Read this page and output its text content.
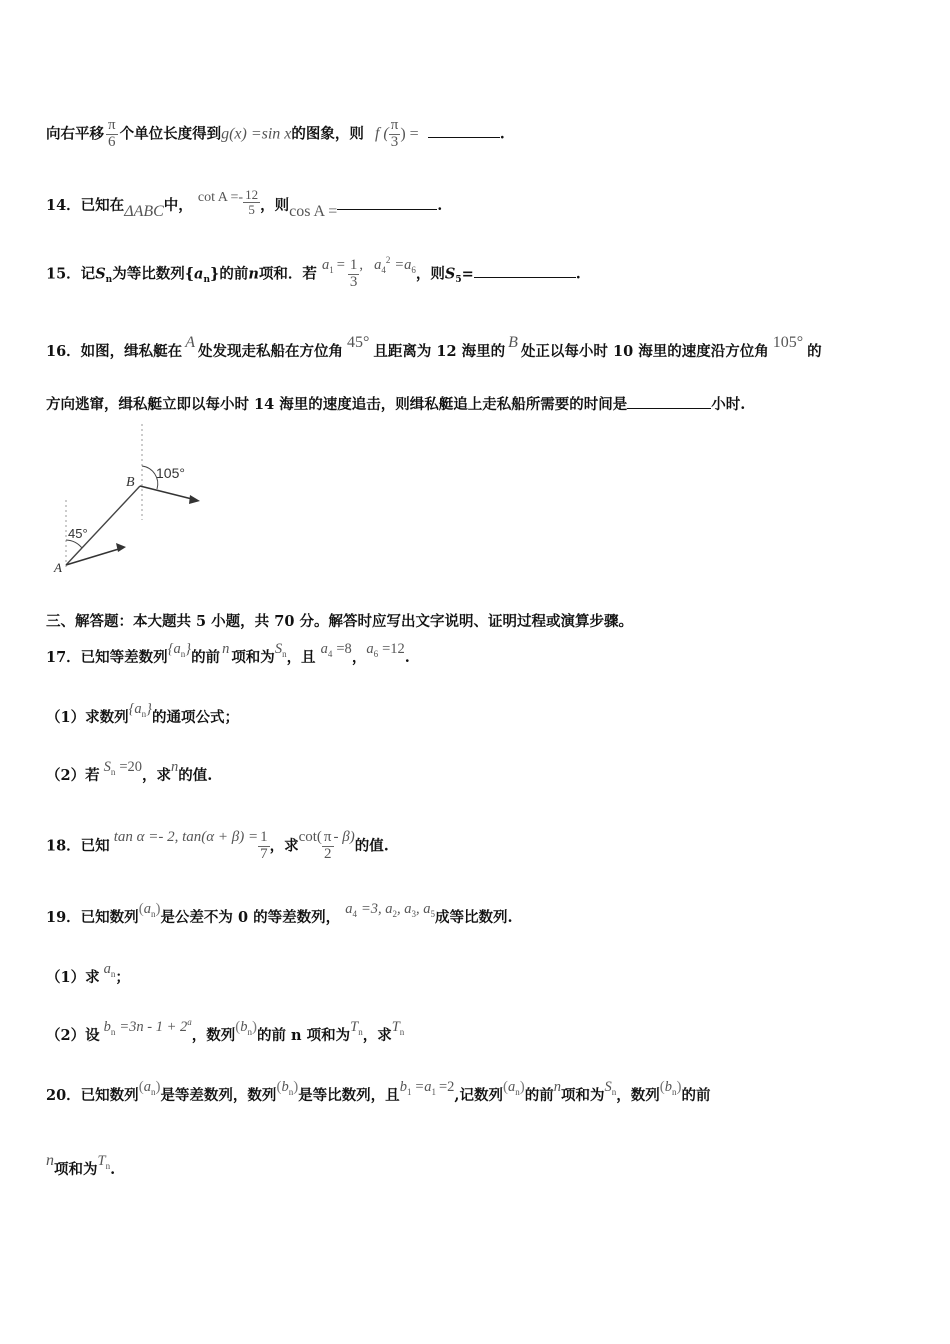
向右平移 $\frac{\pi}{6}$ 个单位长度得到g(x) =sin x的图象，则 f ( $\frac{\pi}{3}$ ) =	.
14．已知在ΔABC中， $\cot A =- \frac{12}{5}$ ，则cos A =	.
15．记$S_n$为等比数列$\{a_n\}$的前n项和．若 $a_1 = \frac{1}{3}$ , $a_4^2 =a_6$，则$S_5=$	.
16．如图，缉私艇在A处发现走私船在方位角45°且距离为 12 海里的B处正以每小时 10 海里的速度沿方位角105°的
方向逃窜，缉私艇立即以每小时 14 海里的速度追击，则缉私艇追上走私船所需要的时间是	小时.
B
A
105°
45°
三、解答题：本大题共 5 小题，共 70 分。解答时应写出文字说明、证明过程或演算步骤。
17．已知等差数列$\{a_n\}$的前 n 项和为$S_n$，且 $a_4 =8$，$a_6 =12$.
（1）求数列$\{a_n\}$的通项公式；
（2）若 $S_n =20$，求n的值.
18．已知 tan α =- 2, $\tan(\alpha + \beta) = \frac{1}{7}$ ，求$\cot( \frac{\pi}{2} - \beta)$的值.
19．已知数列$(a_n)$是公差不为 0 的等差数列， $a_4 =3$, $a_2$, $a_3$, $a_5$成等比数列.
（1）求 $a_n$；
（2）设 $b_n =3n - 1 + 2^a$，数列$(b_n)$的前 n 项和为$T_n$，求$T_n$
20．已知数列$(a_n)$是等差数列，数列$(b_n)$是等比数列，且$b_1 =a_1 =2$,记数列$(a_n)$的前n项和为$S_n$，数列$(b_n)$的前
n项和为$T_n$.
